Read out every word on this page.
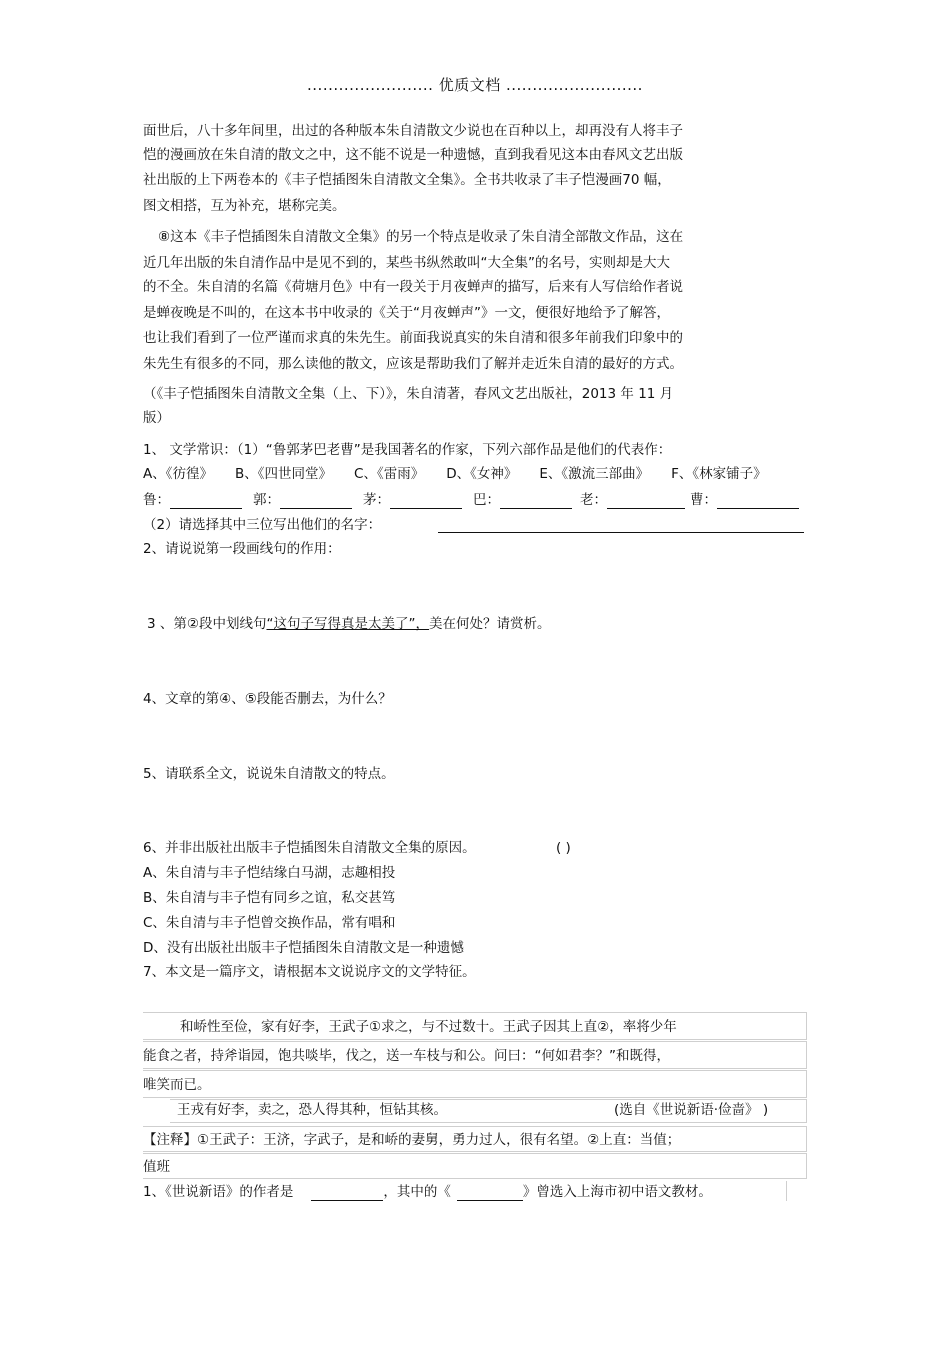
........................ 优质文档 ..........................
面世后，八十多年间里，出过的各种版本朱自清散文少说也在百种以上，却再没有人将丰子
恺的漫画放在朱自清的散文之中，这不能不说是一种遗憾，直到我看见这本由春风文艺出版
社出版的上下两卷本的《丰子恺插图朱自清散文全集》。全书共收录了丰子恺漫画70 幅，
图文相搭，互为补充，堪称完美。
⑧这本《丰子恺插图朱自清散文全集》的另一个特点是收录了朱自清全部散文作品，这在
近几年出版的朱自清作品中是见不到的，某些书纵然敢叫“大全集”的名号，实则却是大大
的不全。朱自清的名篇《荷塘月色》中有一段关于月夜蝉声的描写，后来有人写信给作者说
是蝉夜晚是不叫的，在这本书中收录的《关于“月夜蝉声”》一文，便很好地给予了解答，
也让我们看到了一位严谨而求真的朱先生。前面我说真实的朱自清和很多年前我们印象中的
朱先生有很多的不同，那么读他的散文，应该是帮助我们了解并走近朱自清的最好的方式。
（《丰子恺插图朱自清散文全集（上、下）》，朱自清著，春风文艺出版社，2013 年 11 月
版）
1、 文学常识：（1）“鲁郭茅巴老曹”是我国著名的作家，下列六部作品是他们的代表作：
A、《彷徨》 B、《四世同堂》 C、《雷雨》 D、《女神》 E、《激流三部曲》 F、《林家铺子》
鲁：	郭：	茅：	巴：	老：	曹：
（2）请选择其中三位写出他们的名字：
2、请说说第一段画线句的作用：
3 、第②段中划线句“这句子写得真是太美了”，美在何处？请赏析。
4、文章的第④、⑤段能否删去，为什么？
5、请联系全文，说说朱自清散文的特点。
6、并非出版社出版丰子恺插图朱自清散文全集的原因。	( )
A、朱自清与丰子恺结缘白马湖，志趣相投
B、朱自清与丰子恺有同乡之谊，私交甚笃
C、朱自清与丰子恺曾交换作品，常有唱和
D、没有出版社出版丰子恺插图朱自清散文是一种遗憾
7、本文是一篇序文，请根据本文说说序文的文学特征。
和峤性至俭，家有好李，王武子①求之，与不过数十。王武子因其上直②，率将少年
能食之者，持斧诣园，饱共啖毕，伐之，送一车枝与和公。问曰：“何如君李？”和既得，
唯笑而已。
王戎有好李，卖之，恐人得其种，恒钻其核。	(选自《世说新语·俭啬》 )
【注释】①王武子：王济，字武子，是和峤的妻舅，勇力过人，很有名望。②上直：当值；
值班
1、《世说新语》的作者是	，其中的《	》曾选入上海市初中语文教材。
